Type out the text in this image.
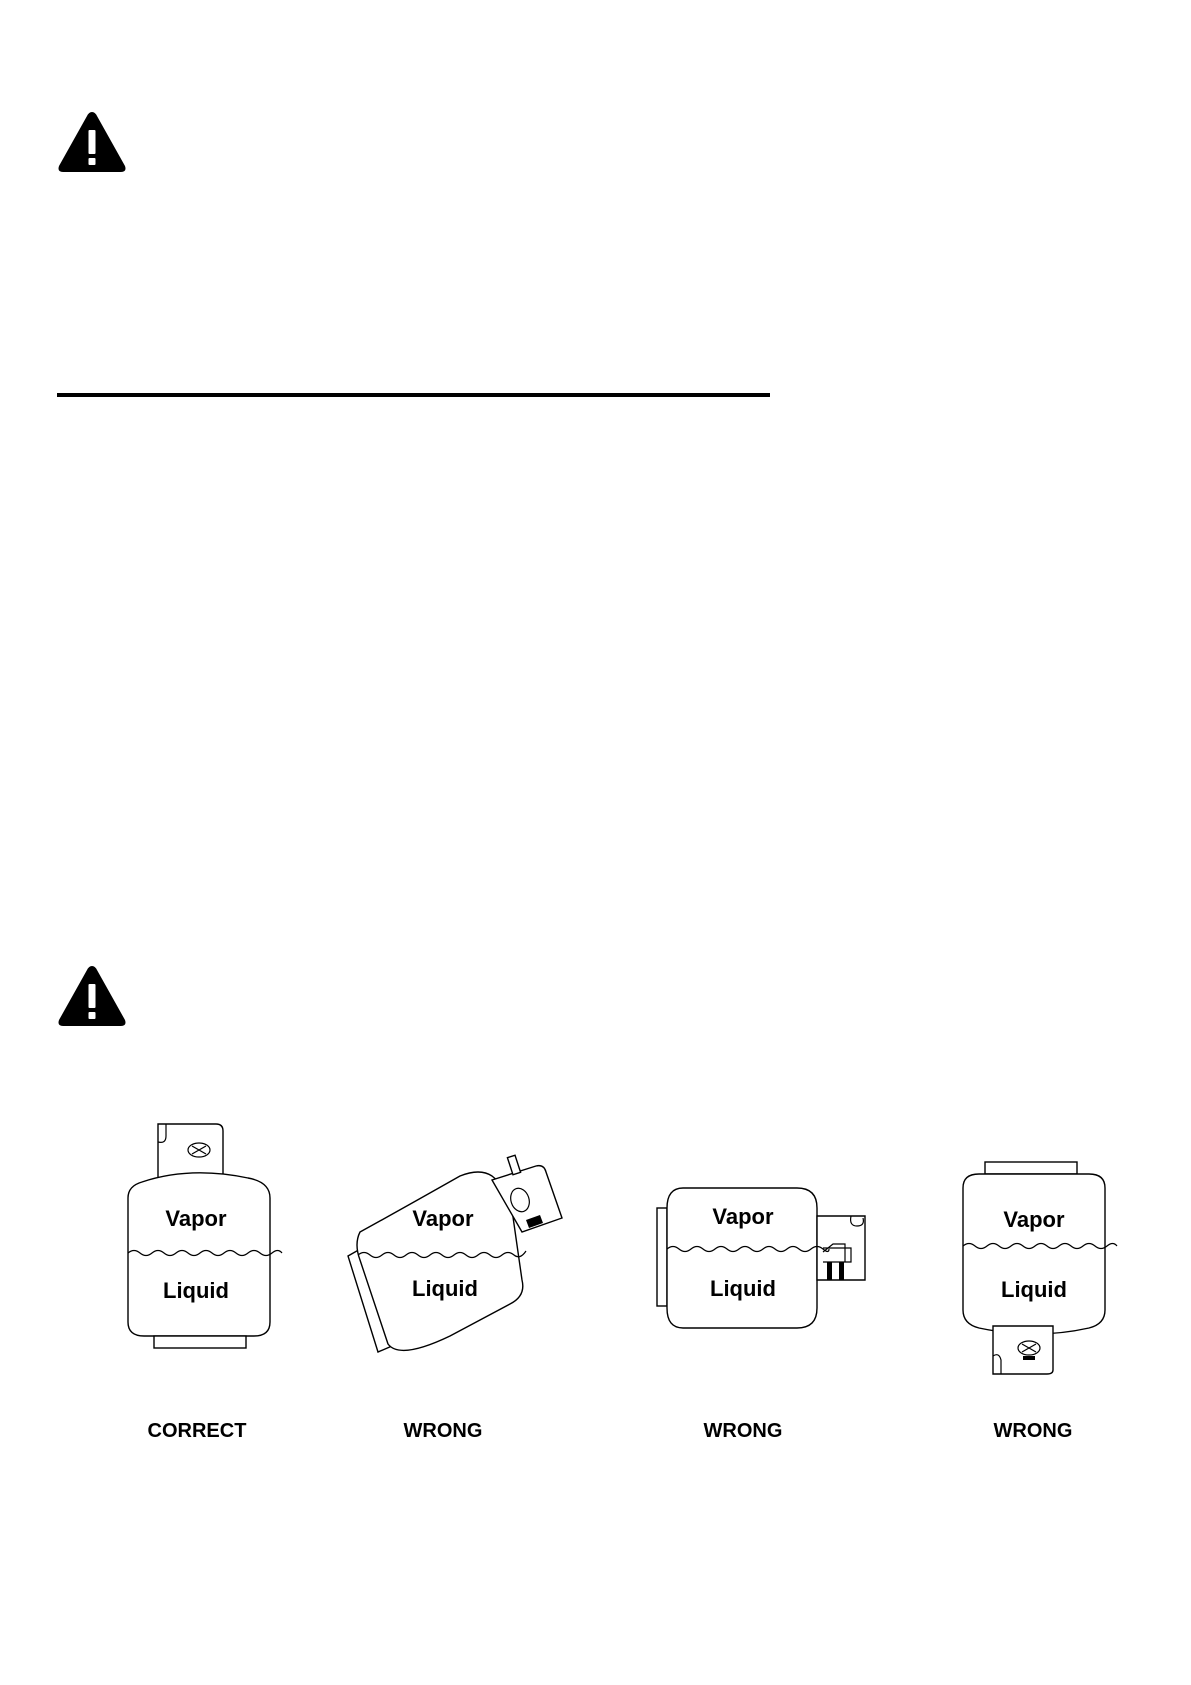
Vapor
Liquid
Vapor
Liquid
Vapor
Liquid
Vapor
Liquid
CORRECT	WRONG	WRONG	WRONG
